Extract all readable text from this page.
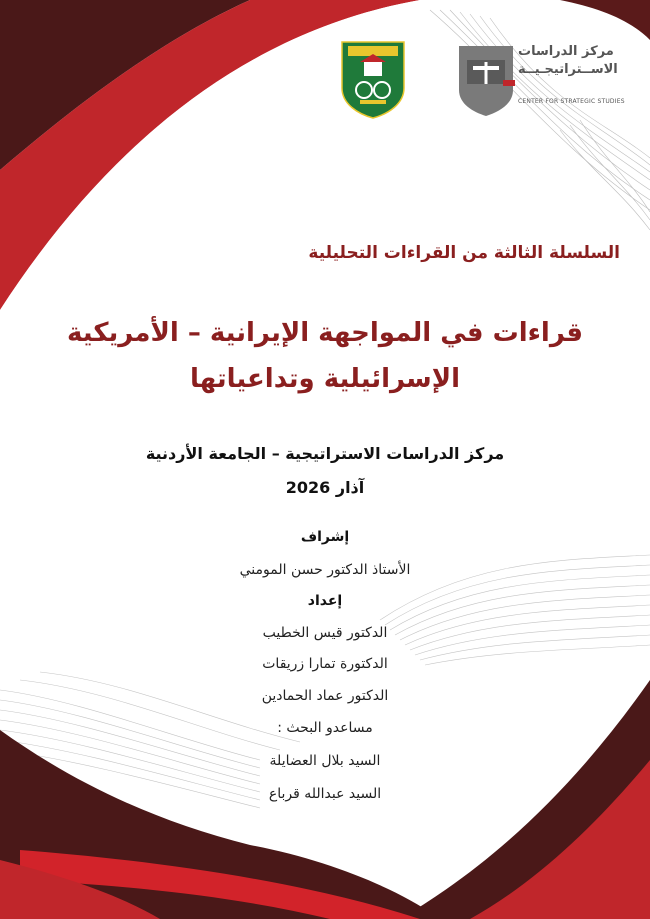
مركز الدراسات
الاســتراتيجـيــة
CENTER FOR STRATEGIC STUDIES
السلسلة الثالثة من القراءات التحليلية
قراءات في المواجهة الإيرانية – الأمريكية
الإسرائيلية وتداعياتها
مركز الدراسات الاستراتيجية – الجامعة الأردنية
آذار 2026
إشراف
الأستاذ الدكتور حسن المومني
إعداد
الدكتور قيس الخطيب
الدكتورة تمارا زريقات
الدكتور عماد الحمادين
مساعدو البحث :
السيد بلال العضايلة
السيد عبدالله قرباع
